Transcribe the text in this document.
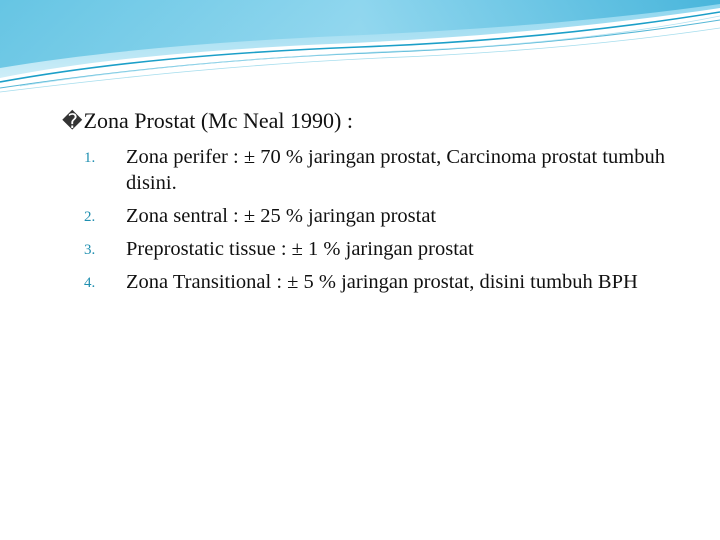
� Zona Prostat (Mc Neal 1990) :
1. Zona perifer : ± 70 % jaringan prostat, Carcinoma prostat tumbuh disini.
2. Zona sentral : ± 25 % jaringan prostat
3. Preprostatic tissue : ± 1 % jaringan prostat
4. Zona Transitional : ± 5 % jaringan prostat, disini tumbuh BPH
